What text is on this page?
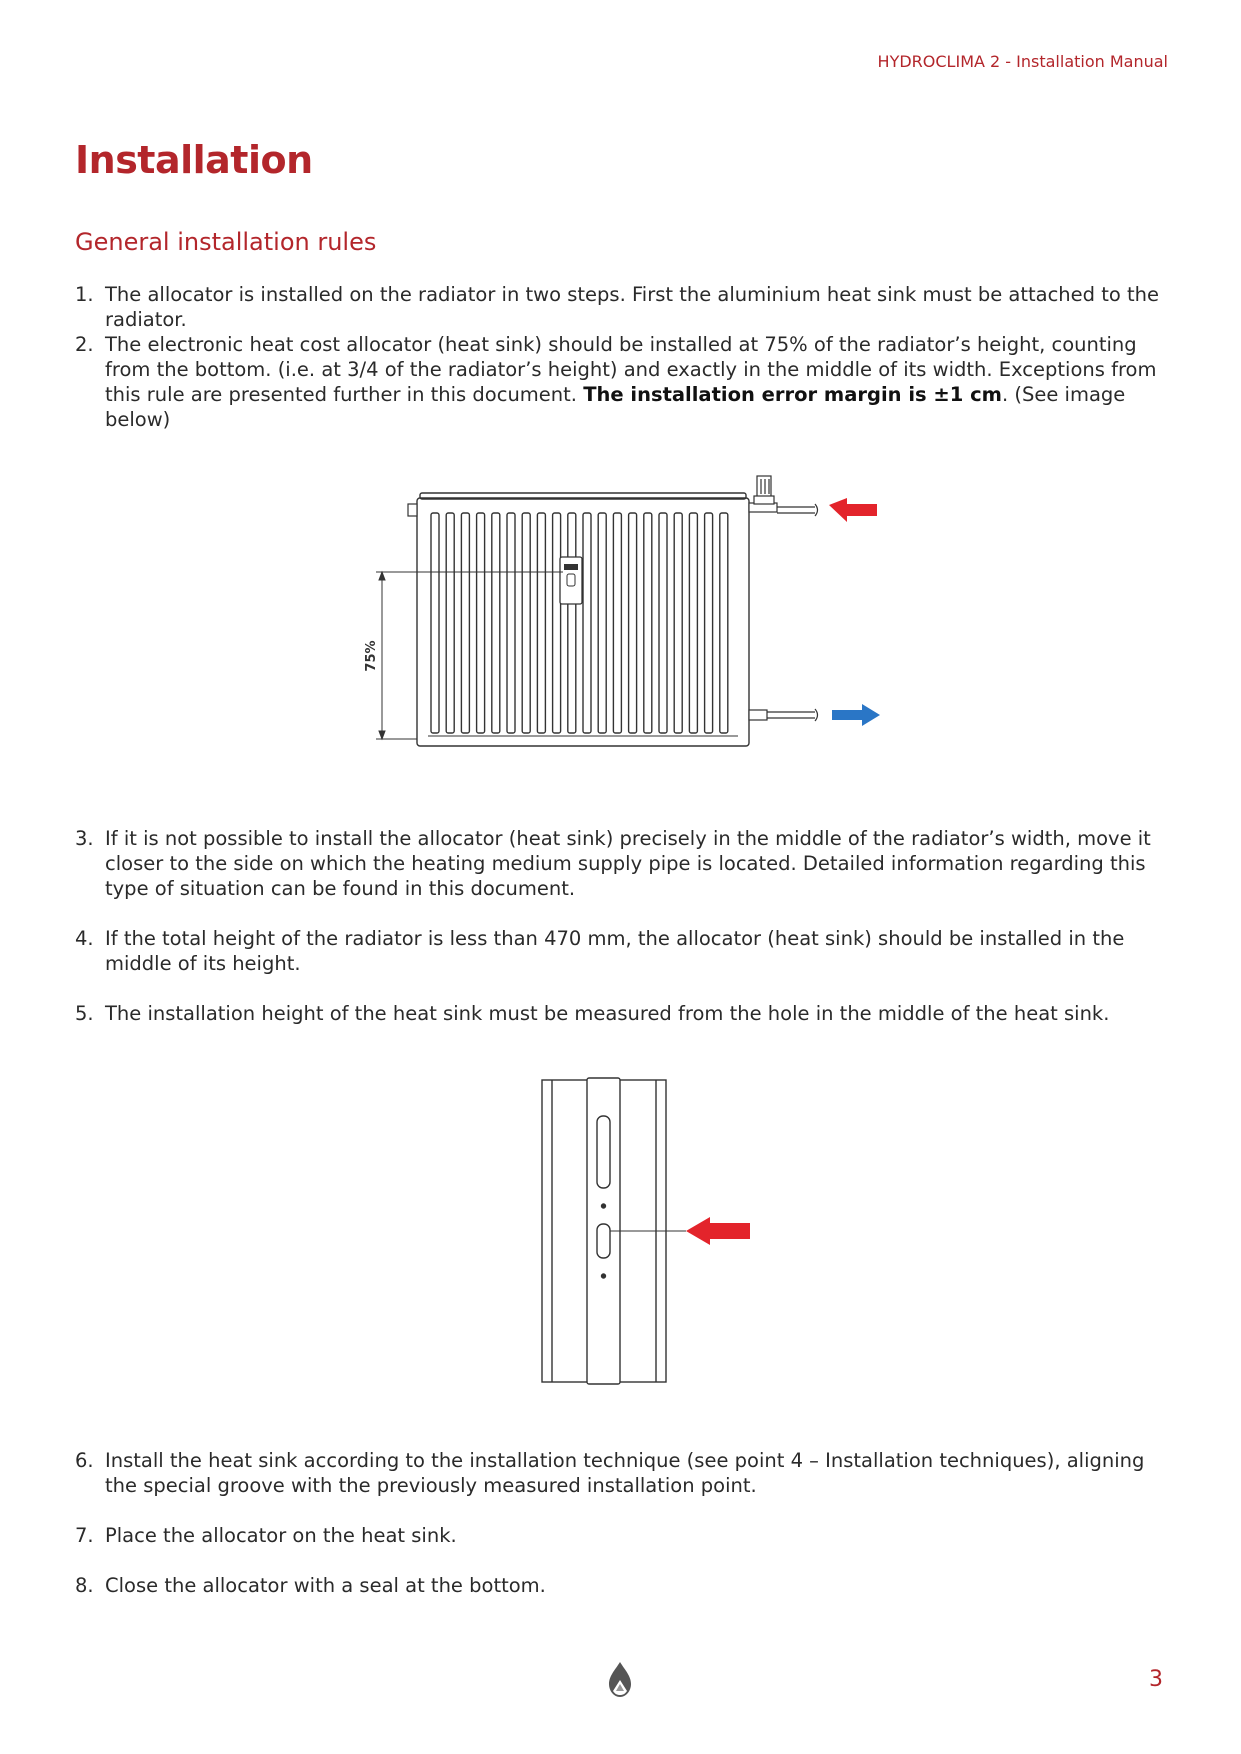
HYDROCLIMA 2 - Installation Manual
Installation
General installation rules
1. The allocator is installed on the radiator in two steps. First the aluminium heat sink must be attached to the radiator.
2. The electronic heat cost allocator (heat sink) should be installed at 75% of the radiator’s height, counting from the bottom. (i.e. at 3/4 of the radiator’s height) and exactly in the middle of its width. Exceptions from this rule are presented further in this document. The installation error margin is ±1 cm. (See image below)
75%
3. If it is not possible to install the allocator (heat sink) precisely in the middle of the radiator’s width, move it closer to the side on which the heating medium supply pipe is located. Detailed information regarding this type of situation can be found in this document.
4. If the total height of the radiator is less than 470 mm, the allocator (heat sink) should be installed in the middle of its height.
5. The installation height of the heat sink must be measured from the hole in the middle of the heat sink.
6. Install the heat sink according to the installation technique (see point 4 – Installation techniques), aligning the special groove with the previously measured installation point.
7. Place the allocator on the heat sink.
8. Close the allocator with a seal at the bottom.
3
